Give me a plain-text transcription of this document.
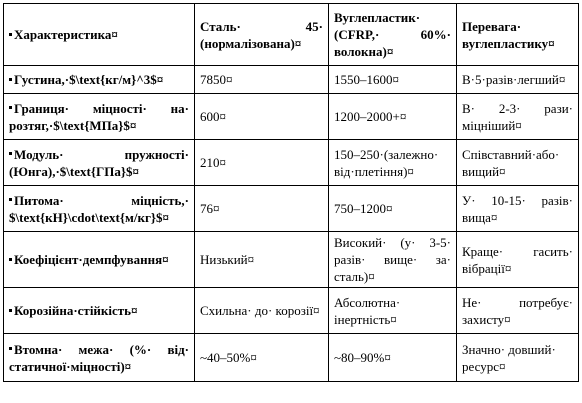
Характеристика¤	Сталь· 45· (нормалізована)¤	Вуглепластик· (CFRP,· 60%· волокна)¤	Перевага· вуглепластику¤
Густина,·$\text{кг/м}^3$¤	7850¤	1550–1600¤	В·5·разів·легший¤
Границя· міцності· на· розтяг,·$\text{МПа}$¤	600¤	1200–2000+¤	В· 2-3· рази· міцніший¤
Модуль· пружності· (Юнга),·$\text{ГПа}$¤	210¤	150–250·(залежно· від·плетіння)¤	Співставний·або· вищий¤
Питома· міцність,· $\text{кН}\cdot\text{м/кг}$¤	76¤	750–1200¤	У· 10-15· разів· вища¤
Коефіцієнт·демпфування¤	Низький¤	Високий· (у· 3-5· разів· вище· за· сталь)¤	Краще· гасить· вібрації¤
Корозійна·стійкість¤	Схильна· до· корозії¤	Абсолютна· інертність¤	Не· потребує· захисту¤
Втомна· межа· (%· від· статичної·міцності)¤	~40–50%¤	~80–90%¤	Значно· довший· ресурс¤
